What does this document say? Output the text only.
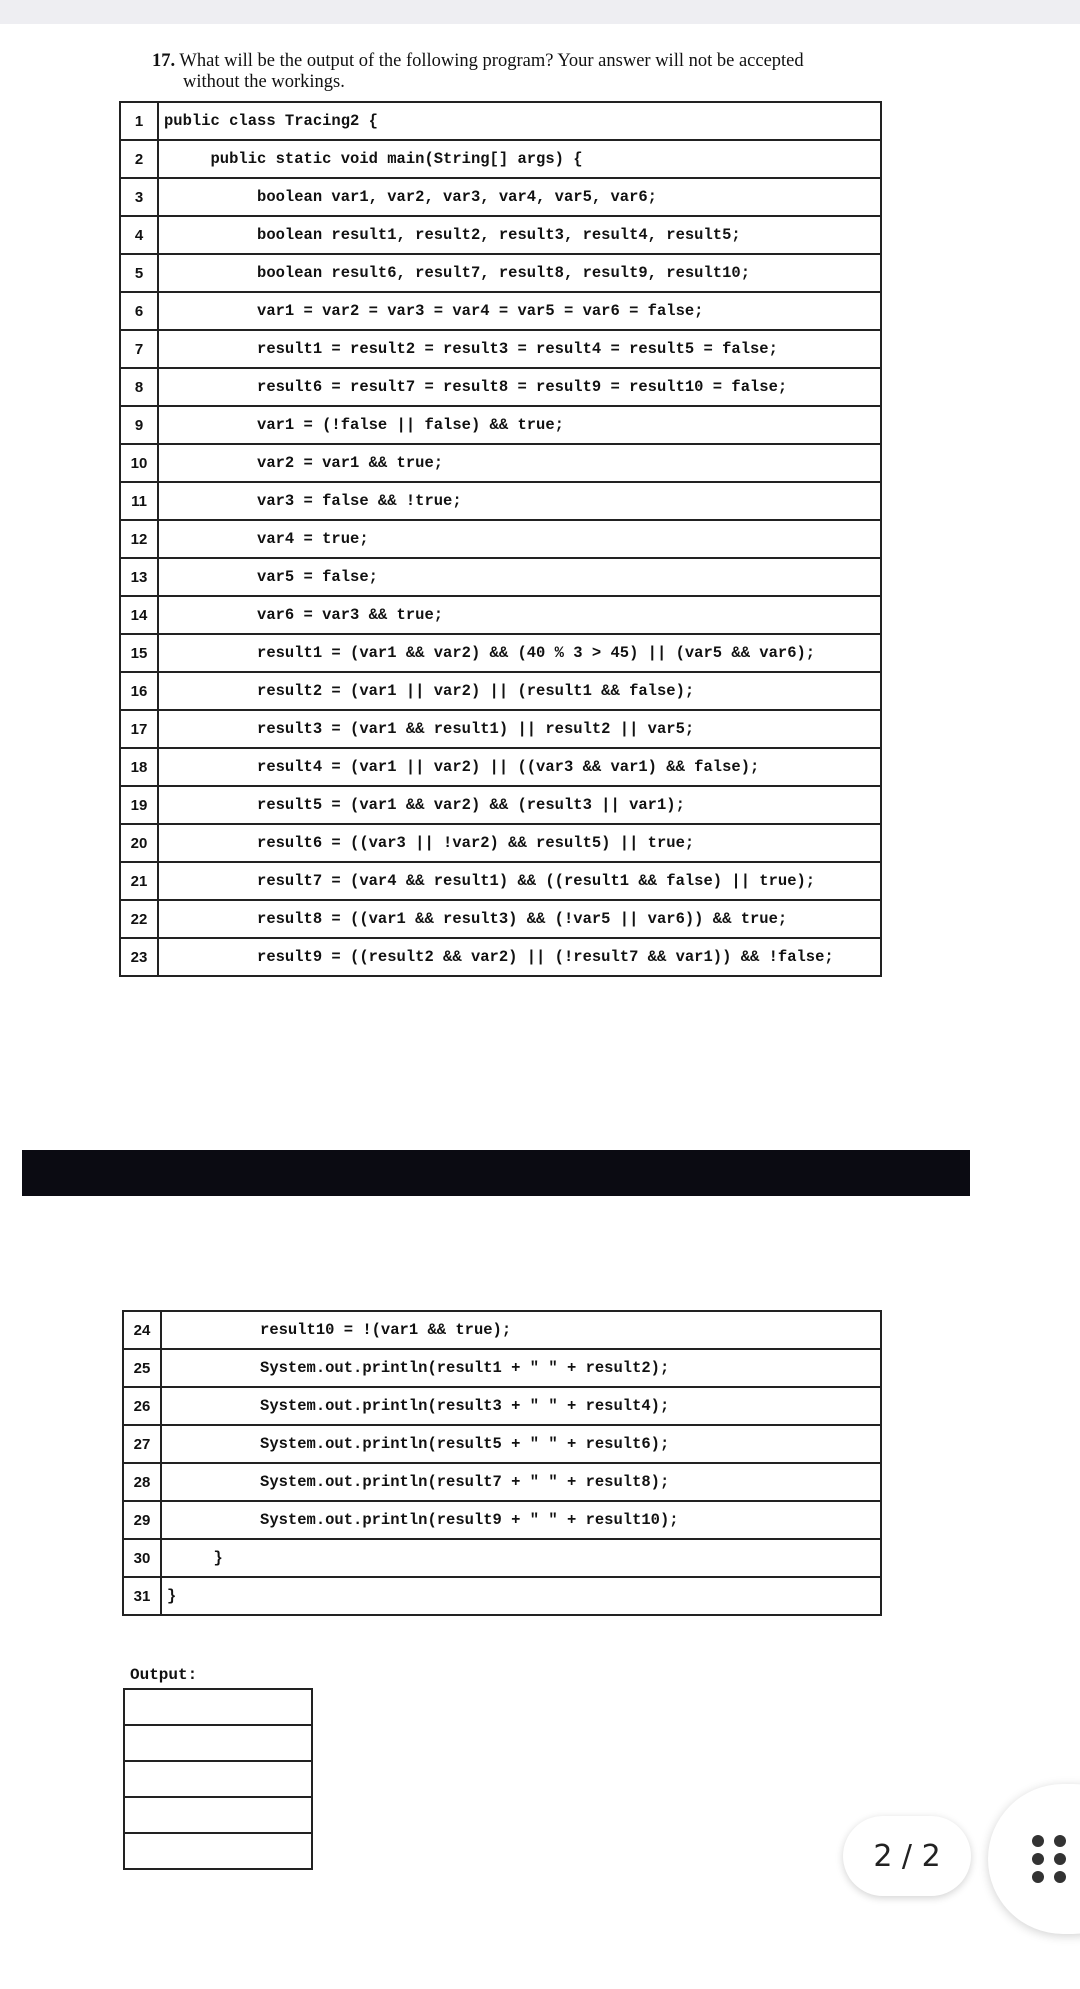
17. What will be the output of the following program? Your answer will not be accepted
without the workings.
1	public class Tracing2 {
2	public static void main(String[] args) {
3	boolean var1, var2, var3, var4, var5, var6;
4	boolean result1, result2, result3, result4, result5;
5	boolean result6, result7, result8, result9, result10;
6	var1 = var2 = var3 = var4 = var5 = var6 = false;
7	result1 = result2 = result3 = result4 = result5 = false;
8	result6 = result7 = result8 = result9 = result10 = false;
9	var1 = (!false || false) && true;
10	var2 = var1 && true;
11	var3 = false && !true;
12	var4 = true;
13	var5 = false;
14	var6 = var3 && true;
15	result1 = (var1 && var2) && (40 % 3 > 45) || (var5 && var6);
16	result2 = (var1 || var2) || (result1 && false);
17	result3 = (var1 && result1) || result2 || var5;
18	result4 = (var1 || var2) || ((var3 && var1) && false);
19	result5 = (var1 && var2) && (result3 || var1);
20	result6 = ((var3 || !var2) && result5) || true;
21	result7 = (var4 && result1) && ((result1 && false) || true);
22	result8 = ((var1 && result3) && (!var5 || var6)) && true;
23	result9 = ((result2 && var2) || (!result7 && var1)) && !false;
24	result10 = !(var1 && true);
25	System.out.println(result1 + " " + result2);
26	System.out.println(result3 + " " + result4);
27	System.out.println(result5 + " " + result6);
28	System.out.println(result7 + " " + result8);
29	System.out.println(result9 + " " + result10);
30	}
31	}
Output:

2 / 2
